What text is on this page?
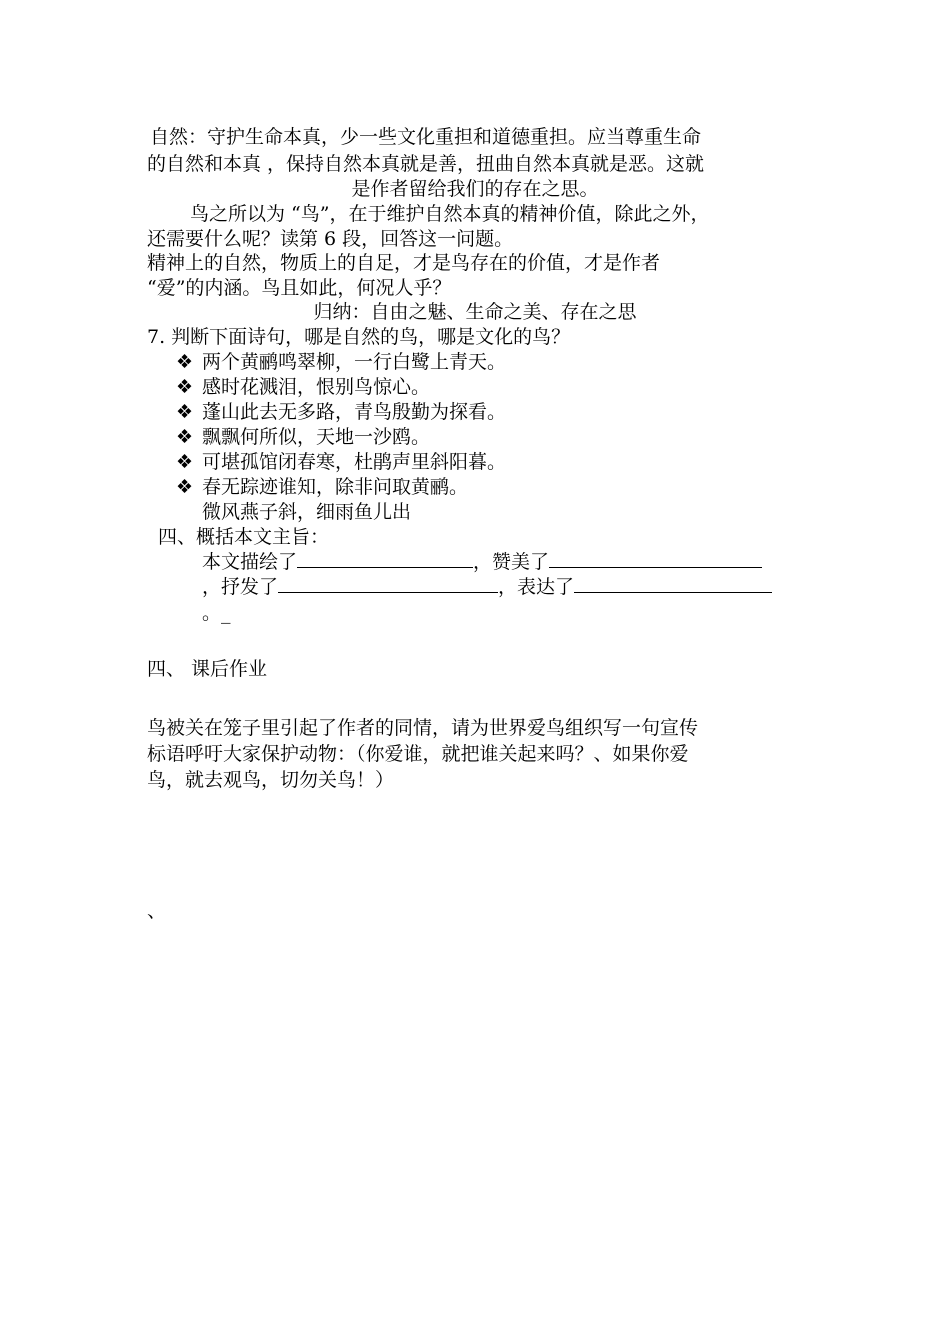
自然：守护生命本真，少一些文化重担和道德重担。应当尊重生命
的自然和本真 ，保持自然本真就是善，扭曲自然本真就是恶。这就
是作者留给我们的存在之思。
鸟之所以为 “鸟”，在于维护自然本真的精神价值，除此之外，
还需要什么呢？读第 6 段，回答这一问题。
精神上的自然，物质上的自足，才是鸟存在的价值，才是作者
“爱”的内涵。鸟且如此，何况人乎？
归纳：自由之魅、生命之美、存在之思
7. 判断下面诗句，哪是自然的鸟，哪是文化的鸟？
❖ 两个黄鹂鸣翠柳，一行白鹭上青天。
❖ 感时花溅泪，恨别鸟惊心。
❖ 蓬山此去无多路，青鸟殷勤为探看。
❖ 飘飘何所似，天地一沙鸥。
❖ 可堪孤馆闭春寒，杜鹃声里斜阳暮。
❖ 春无踪迹谁知，除非问取黄鹂。
微风燕子斜，细雨鱼儿出
四、概括本文主旨：
本文描绘了	，赞美了
，抒发了	，表达了
。_
四、 课后作业
鸟被关在笼子里引起了作者的同情，请为世界爱鸟组织写一句宣传
标语呼吁大家保护动物：（你爱谁，就把谁关起来吗？、如果你爱
鸟，就去观鸟，切勿关鸟！）
、
